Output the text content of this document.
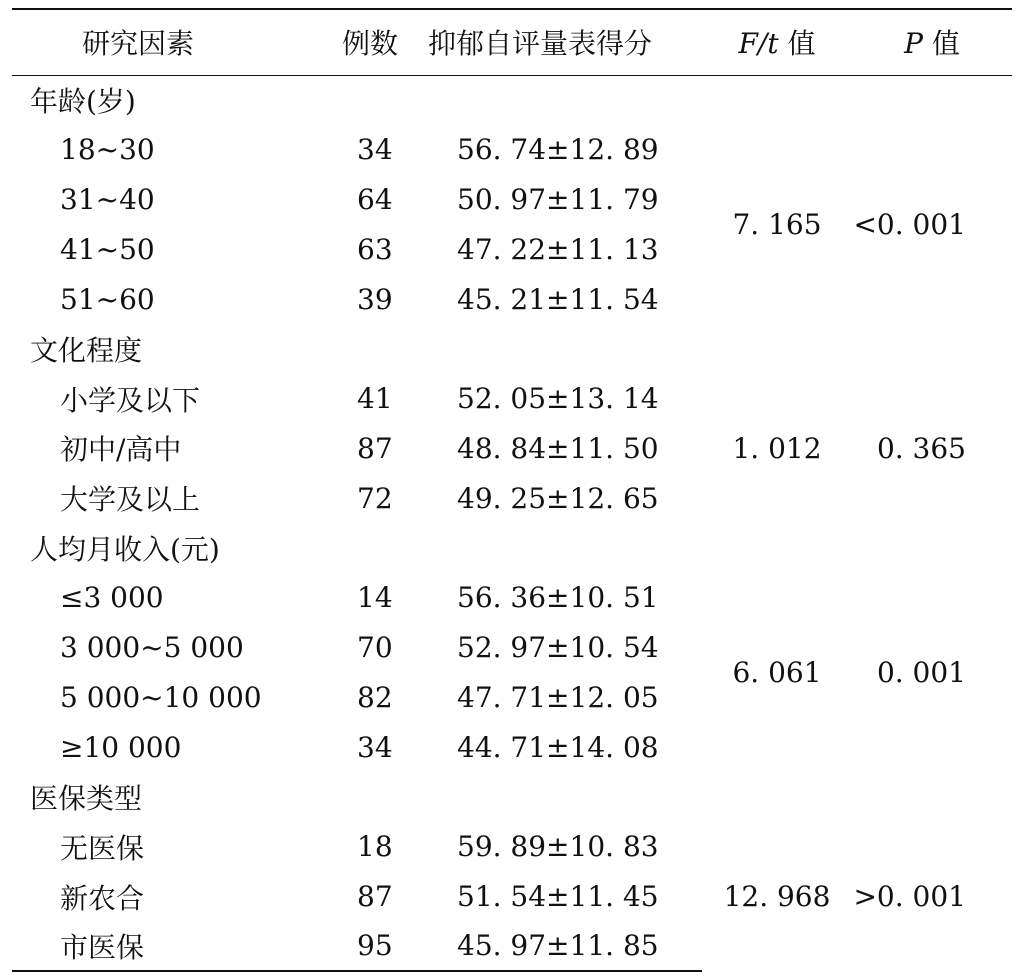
研究因素	例数	抑郁自评量表得分	F/t 值	P 值
年龄(岁)				
18~30	34	56. 74±12. 89	7. 165	<0. 001
31~40	64	50. 97±11. 79		
41~50	63	47. 22±11. 13		
51~60	39	45. 21±11. 54		
文化程度				
小学及以下	41	52. 05±13. 14	1. 012	0. 365
初中/高中	87	48. 84±11. 50		
大学及以上	72	49. 25±12. 65		
人均月收入(元)				
≤3 000	14	56. 36±10. 51	6. 061	0. 001
3 000~5 000	70	52. 97±10. 54		
5 000~10 000	82	47. 71±12. 05		
≥10 000	34	44. 71±14. 08		
医保类型				
无医保	18	59. 89±10. 83	12. 968	>0. 001
新农合	87	51. 54±11. 45		
市医保	95	45. 97±11. 85		
